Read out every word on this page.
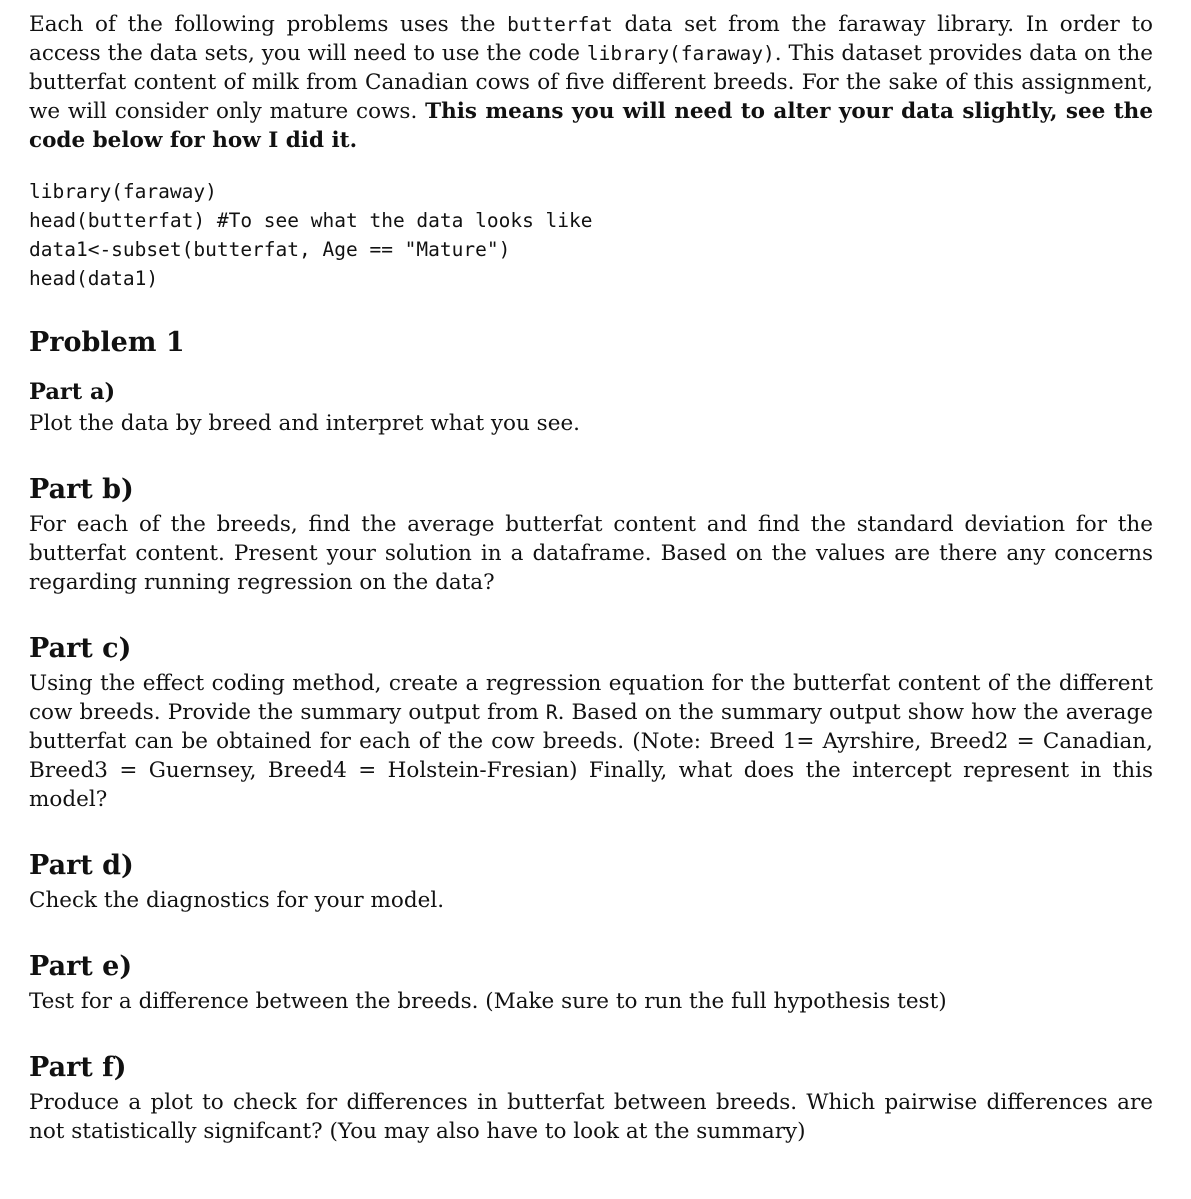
Each of the following problems uses the butterfat data set from the faraway library. In order to access the data sets, you will need to use the code library(faraway). This dataset provides data on the butterfat content of milk from Canadian cows of five different breeds. For the sake of this assignment, we will consider only mature cows. This means you will need to alter your data slightly, see the code below for how I did it.

library(faraway)
head(butterfat) #To see what the data looks like
data1<-subset(butterfat, Age == "Mature")
head(data1)
Problem 1
Part a)

Plot the data by breed and interpret what you see.

Part b)

For each of the breeds, find the average butterfat content and find the standard deviation for the butterfat content. Present your solution in a dataframe. Based on the values are there any concerns regarding running regression on the data?

Part c)

Using the effect coding method, create a regression equation for the butterfat content of the different cow breeds. Provide the summary output from R. Based on the summary output show how the average butterfat can be obtained for each of the cow breeds. (Note: Breed 1= Ayrshire, Breed2 = Canadian, Breed3 = Guernsey, Breed4 = Holstein-Fresian) Finally, what does the intercept represent in this model?

Part d)

Check the diagnostics for your model.

Part e)

Test for a difference between the breeds. (Make sure to run the full hypothesis test)

Part f)

Produce a plot to check for differences in butterfat between breeds. Which pairwise differences are not statistically signifcant? (You may also have to look at the summary)
